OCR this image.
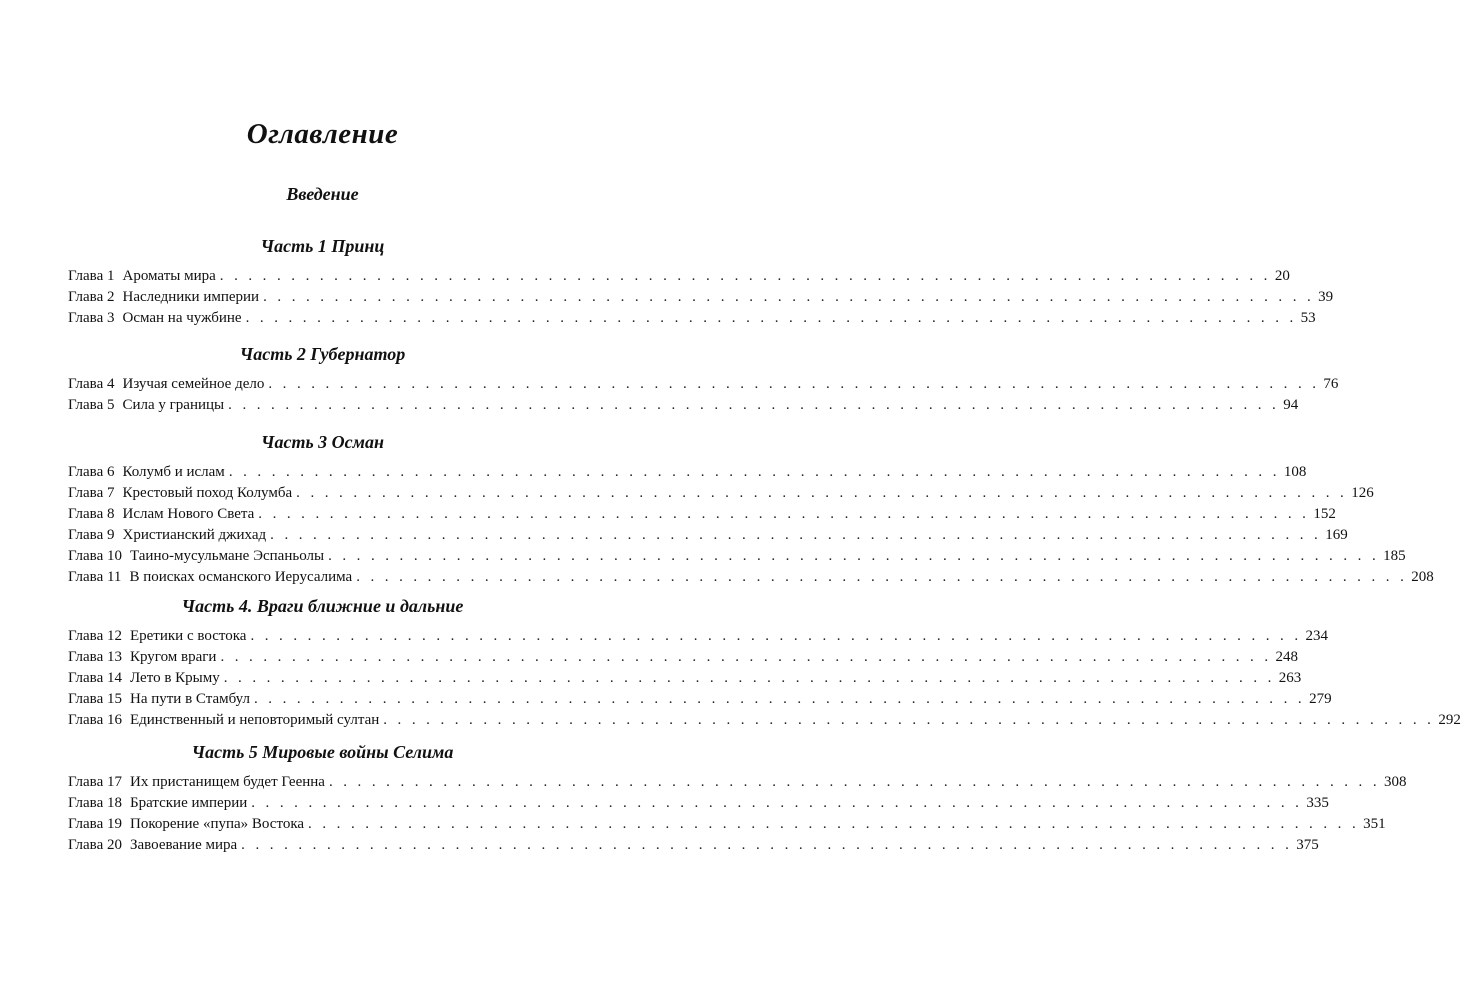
Оглавление
Введение
Часть 1 Принц
Глава 1 Ароматы мира . . . . . . . . . . . . . . . . . . . . . . . . . . . . . . . . . . . . . . . . . . . . . . . . . . . . . . . . . . . . . . . . . . . . . . . . . . 20
Глава 2 Наследники империи . . . . . . . . . . . . . . . . . . . . . . . . . . . . . . . . . . . . . . . . . . . . . . . . . . . . . . . . . . . . . . . . . . . . . . . . . . 39
Глава 3 Осман на чужбине . . . . . . . . . . . . . . . . . . . . . . . . . . . . . . . . . . . . . . . . . . . . . . . . . . . . . . . . . . . . . . . . . . . . . . . . . . 53
Часть 2 Губернатор
Глава 4 Изучая семейное дело . . . . . . . . . . . . . . . . . . . . . . . . . . . . . . . . . . . . . . . . . . . . . . . . . . . . . . . . . . . . . . . . . . . . . . . . . . 76
Глава 5 Сила у границы . . . . . . . . . . . . . . . . . . . . . . . . . . . . . . . . . . . . . . . . . . . . . . . . . . . . . . . . . . . . . . . . . . . . . . . . . . 94
Часть 3 Осман
Глава 6 Колумб и ислам . . . . . . . . . . . . . . . . . . . . . . . . . . . . . . . . . . . . . . . . . . . . . . . . . . . . . . . . . . . . . . . . . . . . . . . . . . 108
Глава 7 Крестовый поход Колумба . . . . . . . . . . . . . . . . . . . . . . . . . . . . . . . . . . . . . . . . . . . . . . . . . . . . . . . . . . . . . . . . . . . . . . . . . . 126
Глава 8 Ислам Нового Света . . . . . . . . . . . . . . . . . . . . . . . . . . . . . . . . . . . . . . . . . . . . . . . . . . . . . . . . . . . . . . . . . . . . . . . . . . 152
Глава 9 Христианский джихад . . . . . . . . . . . . . . . . . . . . . . . . . . . . . . . . . . . . . . . . . . . . . . . . . . . . . . . . . . . . . . . . . . . . . . . . . . 169
Глава 10 Таино-мусульмане Эспаньолы . . . . . . . . . . . . . . . . . . . . . . . . . . . . . . . . . . . . . . . . . . . . . . . . . . . . . . . . . . . . . . . . . . . . . . . . . . 185
Глава 11 В поисках османского Иерусалима . . . . . . . . . . . . . . . . . . . . . . . . . . . . . . . . . . . . . . . . . . . . . . . . . . . . . . . . . . . . . . . . . . . . . . . . . . 208
Часть 4. Враги ближние и дальние
Глава 12 Еретики с востока . . . . . . . . . . . . . . . . . . . . . . . . . . . . . . . . . . . . . . . . . . . . . . . . . . . . . . . . . . . . . . . . . . . . . . . . . . 234
Глава 13 Кругом враги . . . . . . . . . . . . . . . . . . . . . . . . . . . . . . . . . . . . . . . . . . . . . . . . . . . . . . . . . . . . . . . . . . . . . . . . . . 248
Глава 14 Лето в Крыму . . . . . . . . . . . . . . . . . . . . . . . . . . . . . . . . . . . . . . . . . . . . . . . . . . . . . . . . . . . . . . . . . . . . . . . . . . 263
Глава 15 На пути в Стамбул . . . . . . . . . . . . . . . . . . . . . . . . . . . . . . . . . . . . . . . . . . . . . . . . . . . . . . . . . . . . . . . . . . . . . . . . . . 279
Глава 16 Единственный и неповторимый султан . . . . . . . . . . . . . . . . . . . . . . . . . . . . . . . . . . . . . . . . . . . . . . . . . . . . . . . . . . . . . . . . . . . . . . . . . . 292
Часть 5 Мировые войны Селима
Глава 17 Их пристанищем будет Геенна . . . . . . . . . . . . . . . . . . . . . . . . . . . . . . . . . . . . . . . . . . . . . . . . . . . . . . . . . . . . . . . . . . . . . . . . . . 308
Глава 18 Братские империи . . . . . . . . . . . . . . . . . . . . . . . . . . . . . . . . . . . . . . . . . . . . . . . . . . . . . . . . . . . . . . . . . . . . . . . . . . 335
Глава 19 Покорение «пупа» Востока . . . . . . . . . . . . . . . . . . . . . . . . . . . . . . . . . . . . . . . . . . . . . . . . . . . . . . . . . . . . . . . . . . . . . . . . . . 351
Глава 20 Завоевание мира . . . . . . . . . . . . . . . . . . . . . . . . . . . . . . . . . . . . . . . . . . . . . . . . . . . . . . . . . . . . . . . . . . . . . . . . . . 375
